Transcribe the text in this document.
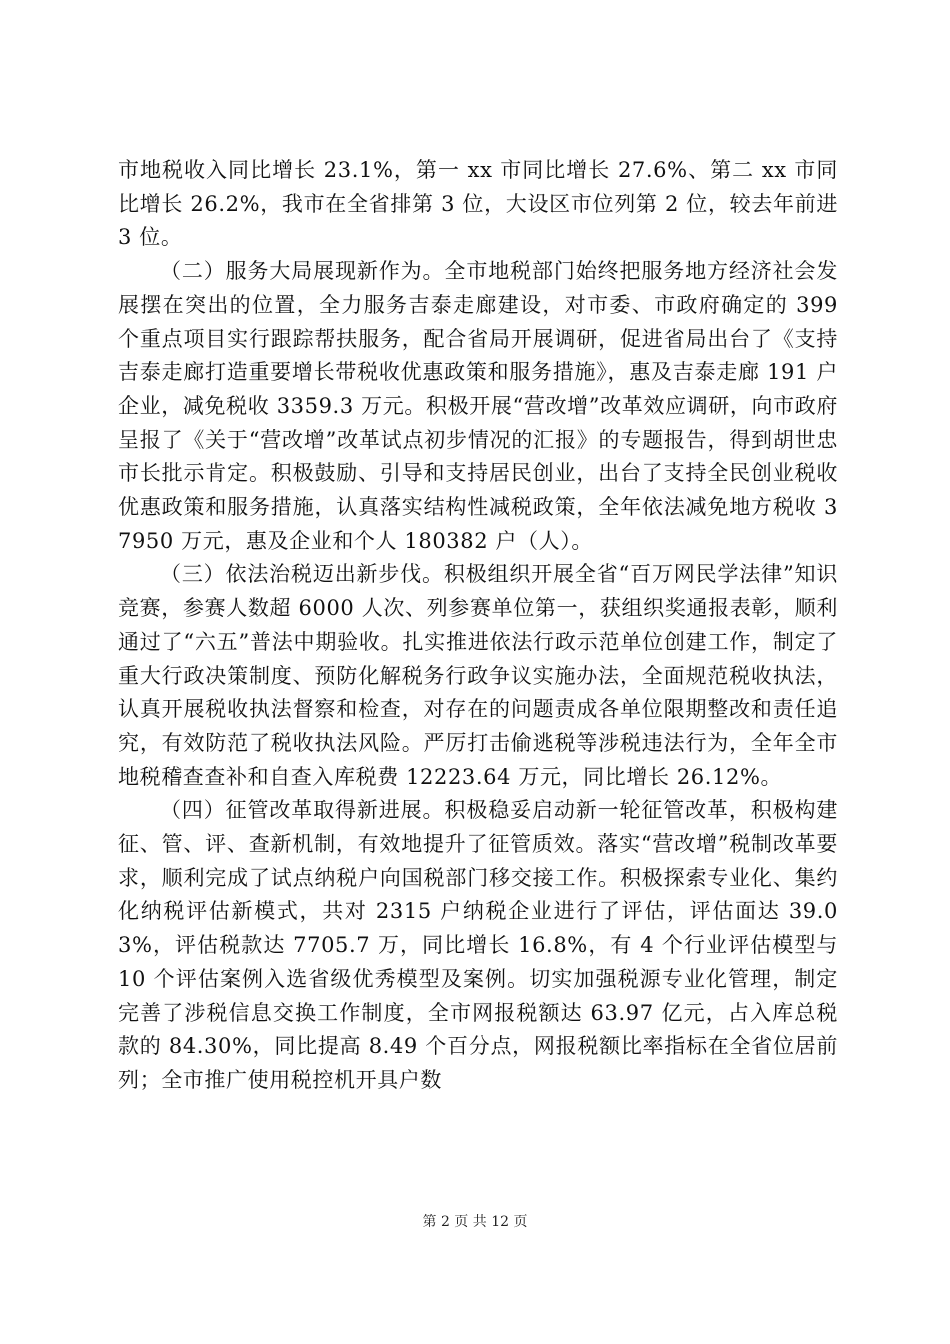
市地税收入同比增长 23.1%，第一 xx 市同比增长 27.6%、第二 xx 市同比增长 26.2%，我市在全省排第 3 位，大设区市位列第 2 位，较去年前进 3 位。

（二）服务大局展现新作为。全市地税部门始终把服务地方经济社会发展摆在突出的位置，全力服务吉泰走廊建设，对市委、市政府确定的 399 个重点项目实行跟踪帮扶服务，配合省局开展调研，促进省局出台了《支持吉泰走廊打造重要增长带税收优惠政策和服务措施》，惠及吉泰走廊 191 户企业，减免税收 3359.3 万元。积极开展“营改增”改革效应调研，向市政府呈报了《关于“营改增”改革试点初步情况的汇报》的专题报告，得到胡世忠市长批示肯定。积极鼓励、引导和支持居民创业，出台了支持全民创业税收优惠政策和服务措施，认真落实结构性减税政策，全年依法减免地方税收 37950 万元，惠及企业和个人 180382 户（人）。

（三）依法治税迈出新步伐。积极组织开展全省“百万网民学法律”知识竞赛，参赛人数超 6000 人次、列参赛单位第一，获组织奖通报表彰，顺利通过了“六五”普法中期验收。扎实推进依法行政示范单位创建工作，制定了重大行政决策制度、预防化解税务行政争议实施办法，全面规范税收执法，认真开展税收执法督察和检查，对存在的问题责成各单位限期整改和责任追究，有效防范了税收执法风险。严厉打击偷逃税等涉税违法行为，全年全市地税稽查查补和自查入库税费 12223.64 万元，同比增长 26.12%。

（四）征管改革取得新进展。积极稳妥启动新一轮征管改革，积极构建征、管、评、查新机制，有效地提升了征管质效。落实“营改增”税制改革要求，顺利完成了试点纳税户向国税部门移交接工作。积极探索专业化、集约化纳税评估新模式，共对 2315 户纳税企业进行了评估，评估面达 39.03%，评估税款达 7705.7 万，同比增长 16.8%，有 4 个行业评估模型与 10 个评估案例入选省级优秀模型及案例。切实加强税源专业化管理，制定完善了涉税信息交换工作制度，全市网报税额达 63.97 亿元，占入库总税款的 84.30%，同比提高 8.49 个百分点，网报税额比率指标在全省位居前列；全市推广使用税控机开具户数

第 2 页 共 12 页
